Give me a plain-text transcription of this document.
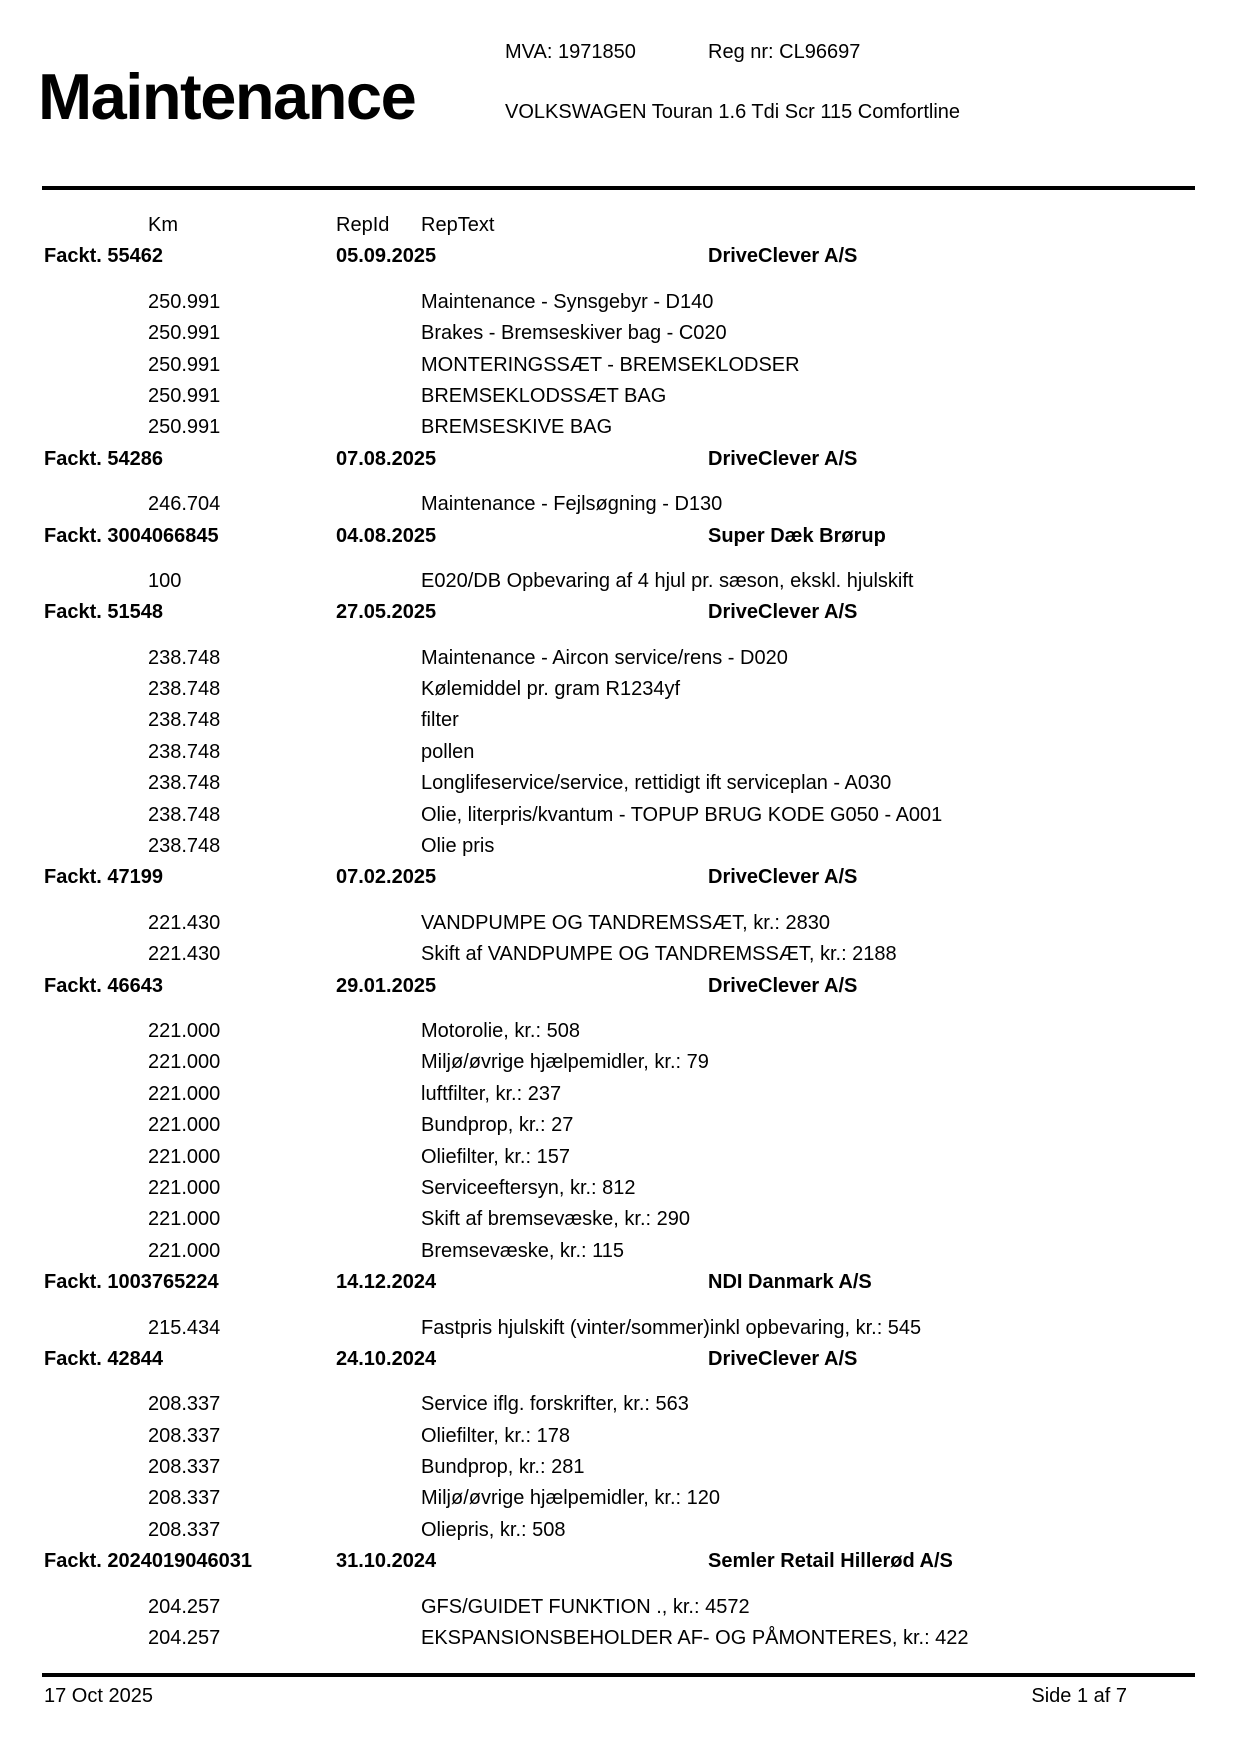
Maintenance
MVA: 1971850	Reg nr: CL96697
VOLKSWAGEN Touran 1.6 Tdi Scr 115 Comfortline
Km	RepId RepText
Fackt. 55462	05.09.2025	DriveClever A/S
250.991	Maintenance - Synsgebyr - D140
250.991	Brakes - Bremseskiver bag - C020
250.991	MONTERINGSSÆT - BREMSEKLODSER
250.991	BREMSEKLODSSÆT BAG
250.991	BREMSESKIVE BAG
Fackt. 54286	07.08.2025	DriveClever A/S
246.704	Maintenance - Fejlsøgning - D130
Fackt. 3004066845	04.08.2025	Super Dæk Brørup
100	E020/DB Opbevaring af 4 hjul pr. sæson, ekskl. hjulskift
Fackt. 51548	27.05.2025	DriveClever A/S
238.748	Maintenance - Aircon service/rens - D020
238.748	Kølemiddel pr. gram R1234yf
238.748	filter
238.748	pollen
238.748	Longlifeservice/service, rettidigt ift serviceplan - A030
238.748	Olie, literpris/kvantum - TOPUP BRUG KODE G050 - A001
238.748	Olie pris
Fackt. 47199	07.02.2025	DriveClever A/S
221.430	VANDPUMPE OG TANDREMSSÆT, kr.: 2830
221.430	Skift af VANDPUMPE OG TANDREMSSÆT, kr.: 2188
Fackt. 46643	29.01.2025	DriveClever A/S
221.000	Motorolie, kr.: 508
221.000	Miljø/øvrige hjælpemidler, kr.: 79
221.000	luftfilter, kr.: 237
221.000	Bundprop, kr.: 27
221.000	Oliefilter, kr.: 157
221.000	Serviceeftersyn, kr.: 812
221.000	Skift af bremsevæske, kr.: 290
221.000	Bremsevæske, kr.: 115
Fackt. 1003765224	14.12.2024	NDI Danmark A/S
215.434	Fastpris hjulskift (vinter/sommer)inkl opbevaring, kr.: 545
Fackt. 42844	24.10.2024	DriveClever A/S
208.337	Service iflg. forskrifter, kr.: 563
208.337	Oliefilter, kr.: 178
208.337	Bundprop, kr.: 281
208.337	Miljø/øvrige hjælpemidler, kr.: 120
208.337	Oliepris, kr.: 508
Fackt. 2024019046031	31.10.2024	Semler Retail Hillerød A/S
204.257	GFS/GUIDET FUNKTION ., kr.: 4572
204.257	EKSPANSIONSBEHOLDER AF- OG PÅMONTERES, kr.: 422
17 Oct 2025	Side 1 af 7
